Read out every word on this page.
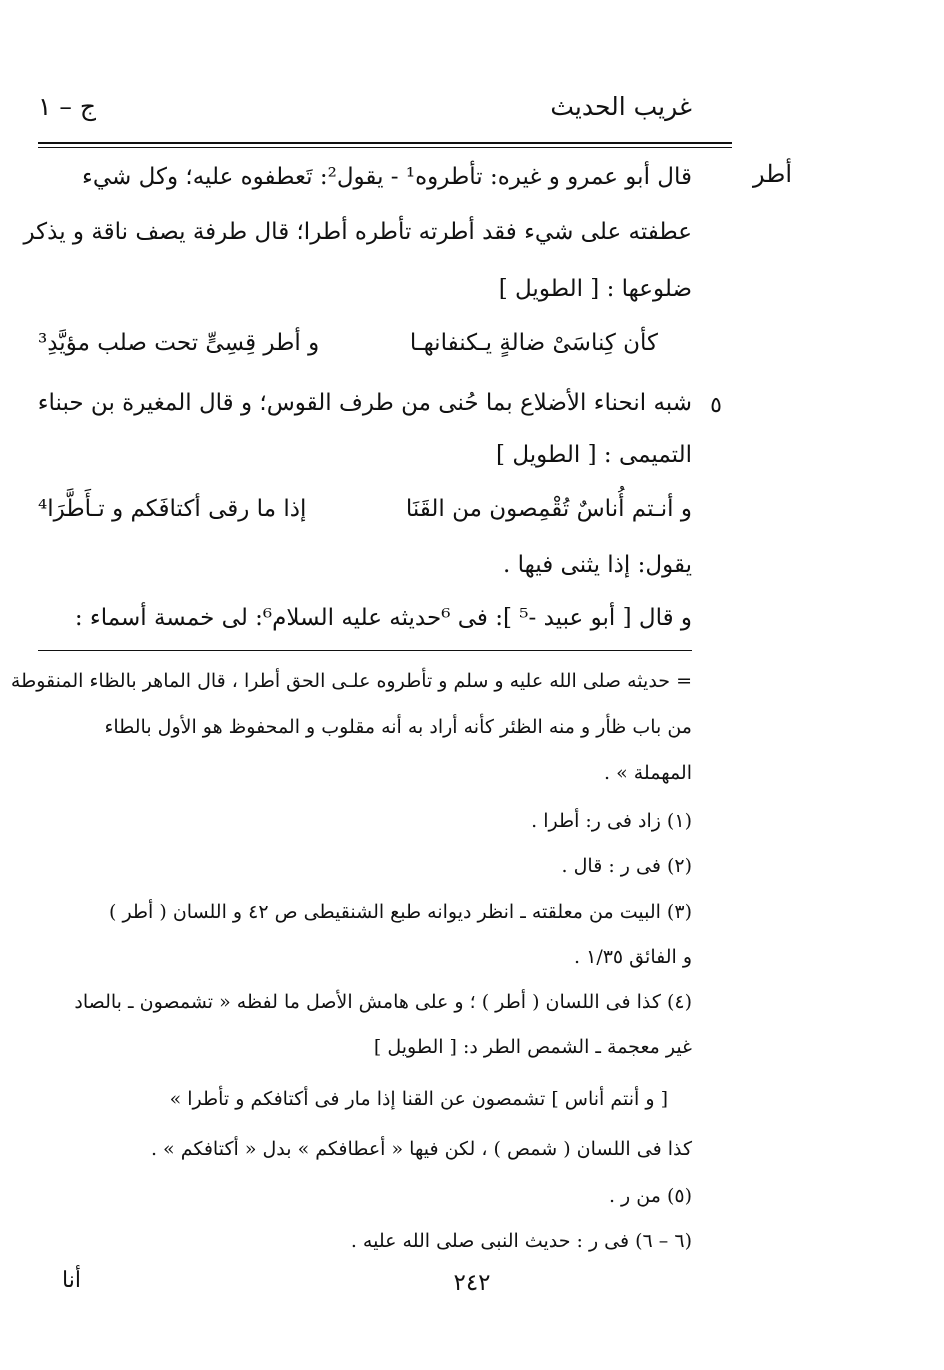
غريب الحديث
ج – ١
أطر
٥
قال أبو عمرو و غيره: تأطروه¹ - يقول²: تَعطفوه عليه؛ وكل شيء
عطفته على شيء فقد أطرته تأطره أطرا؛ قال طرفة يصف ناقة و يذكر
ضلوعها : [ الطويل ]
كأن كِناسَىْ ضالةٍ يـكنفانهـا
و أطر قِسِىٍّ تحت صلب مؤيَّدِ³
شبه انحناء الأضلاع بما حُنى من طرف القوس؛ و قال المغيرة بن حبناء
التميمى : [ الطويل ]
و أنـتم أُناسٌ تُقْمِصون من القَنَا
إذا ما رقى أكتافَكم و تـأَطَّرَا⁴
يقول: إذا يثنى فيها .
و قال [ أبو عبيد -⁵ ]: فى ⁶حديثه عليه السلام⁶: لى خمسة أسماء :
= حديثه صلى الله عليه و سلم و تأطروه علـى الحق أطرا ، قال الماهر بالظاء المنقوطة
من باب ظأر و منه الظئر كأنه أراد به أنه مقلوب و المحفوظ هو الأول بالطاء
المهملة » .
(١) زاد فى ر: أطرا .
(٢) فى ر : قال .
(٣) البيت من معلقته ـ انظر ديوانه طبع الشنقيطى ص ٤٢ و اللسان ( أطر )
و الفائق ١/٣٥ .
(٤) كذا فى اللسان ( أطر ) ؛ و على هامش الأصل ما لفظه « تشمصون ـ بالصاد
غير معجمة ـ الشمص الطر د: [ الطويل ]
[ و أنتم أناس ] تشمصون عن القنا إذا مار فى أكتافكم و تأطرا »
كذا فى اللسان ( شمص ) ، لكن فيها « أعطافكم » بدل « أكتافكم » .
(٥) من ر .
(٦ – ٦) فى ر : حديث النبى صلى الله عليه .
٢٤٢
أنا
